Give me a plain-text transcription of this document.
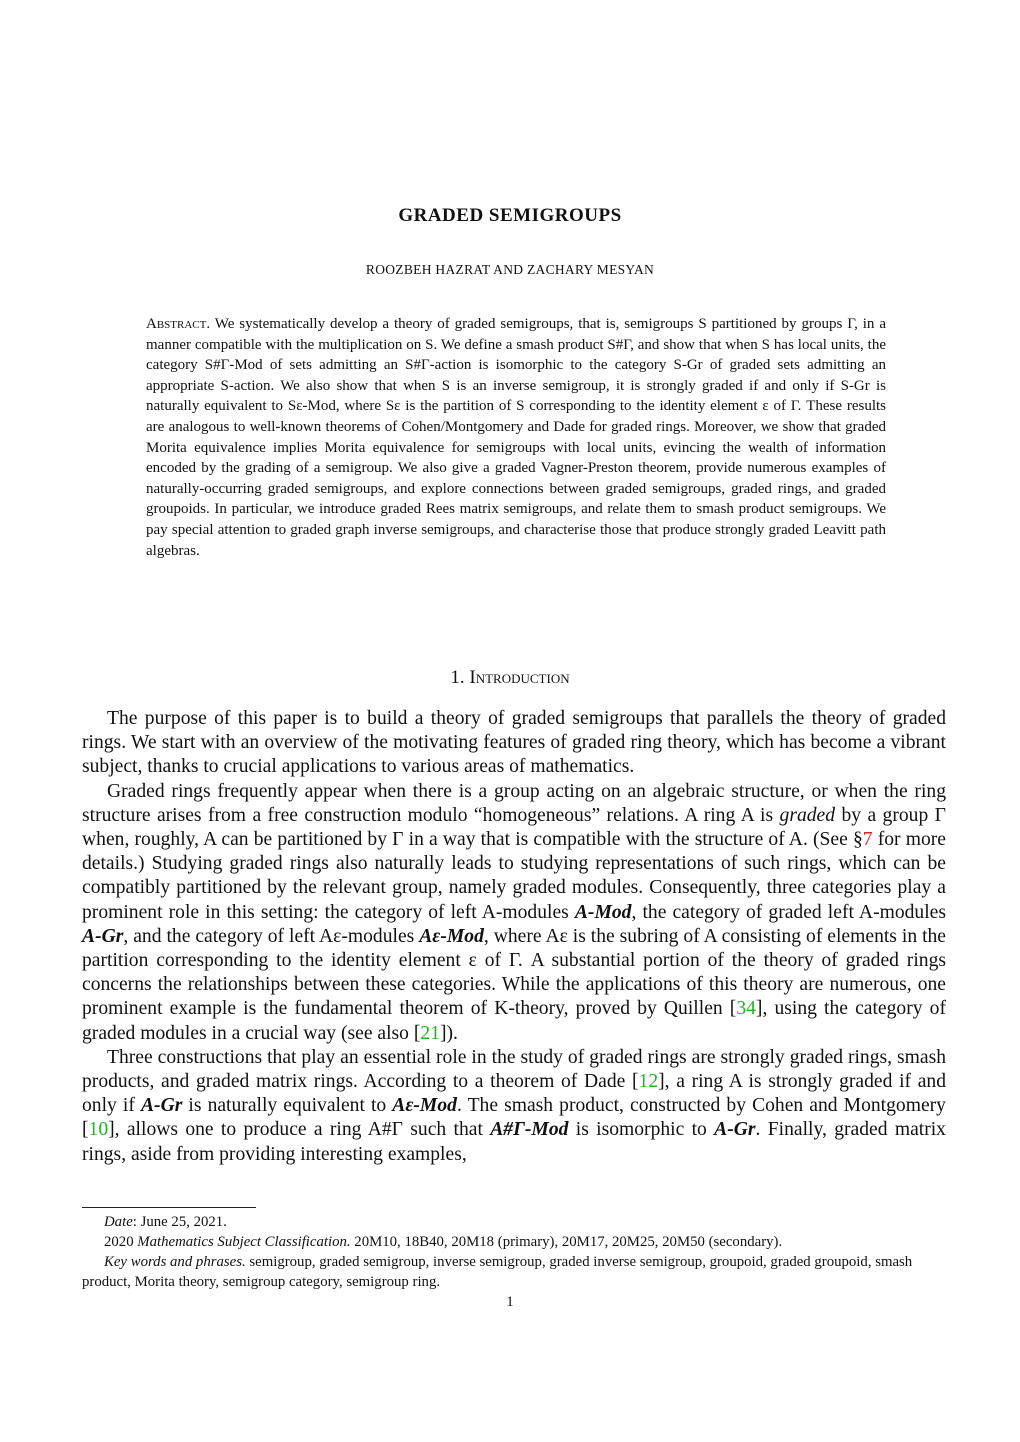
GRADED SEMIGROUPS
ROOZBEH HAZRAT AND ZACHARY MESYAN
Abstract. We systematically develop a theory of graded semigroups, that is, semigroups S partitioned by groups Γ, in a manner compatible with the multiplication on S. We define a smash product S#Γ, and show that when S has local units, the category S#Γ-Mod of sets admitting an S#Γ-action is isomorphic to the category S-Gr of graded sets admitting an appropriate S-action. We also show that when S is an inverse semigroup, it is strongly graded if and only if S-Gr is naturally equivalent to Sε-Mod, where Sε is the partition of S corresponding to the identity element ε of Γ. These results are analogous to well-known theorems of Cohen/Montgomery and Dade for graded rings. Moreover, we show that graded Morita equivalence implies Morita equivalence for semigroups with local units, evincing the wealth of information encoded by the grading of a semigroup. We also give a graded Vagner-Preston theorem, provide numerous examples of naturally-occurring graded semigroups, and explore connections between graded semigroups, graded rings, and graded groupoids. In particular, we introduce graded Rees matrix semigroups, and relate them to smash product semigroups. We pay special attention to graded graph inverse semigroups, and characterise those that produce strongly graded Leavitt path algebras.
1. Introduction

The purpose of this paper is to build a theory of graded semigroups that parallels the theory of graded rings. We start with an overview of the motivating features of graded ring theory, which has become a vibrant subject, thanks to crucial applications to various areas of mathematics.

Graded rings frequently appear when there is a group acting on an algebraic structure, or when the ring structure arises from a free construction modulo “homogeneous” relations. A ring A is graded by a group Γ when, roughly, A can be partitioned by Γ in a way that is compatible with the structure of A. (See §7 for more details.) Studying graded rings also naturally leads to studying representations of such rings, which can be compatibly partitioned by the relevant group, namely graded modules. Consequently, three categories play a prominent role in this setting: the category of left A-modules A-Mod, the category of graded left A-modules A-Gr, and the category of left Aε-modules Aε-Mod, where Aε is the subring of A consisting of elements in the partition corresponding to the identity element ε of Γ. A substantial portion of the theory of graded rings concerns the relationships between these categories. While the applications of this theory are numerous, one prominent example is the fundamental theorem of K-theory, proved by Quillen [34], using the category of graded modules in a crucial way (see also [21]).

Three constructions that play an essential role in the study of graded rings are strongly graded rings, smash products, and graded matrix rings. According to a theorem of Dade [12], a ring A is strongly graded if and only if A-Gr is naturally equivalent to Aε-Mod. The smash product, constructed by Cohen and Montgomery [10], allows one to produce a ring A#Γ such that A#Γ-Mod is isomorphic to A-Gr. Finally, graded matrix rings, aside from providing interesting examples,

Date: June 25, 2021.

2020 Mathematics Subject Classification. 20M10, 18B40, 20M18 (primary), 20M17, 20M25, 20M50 (secondary).

Key words and phrases. semigroup, graded semigroup, inverse semigroup, graded inverse semigroup, groupoid, graded groupoid, smash product, Morita theory, semigroup category, semigroup ring.

1
